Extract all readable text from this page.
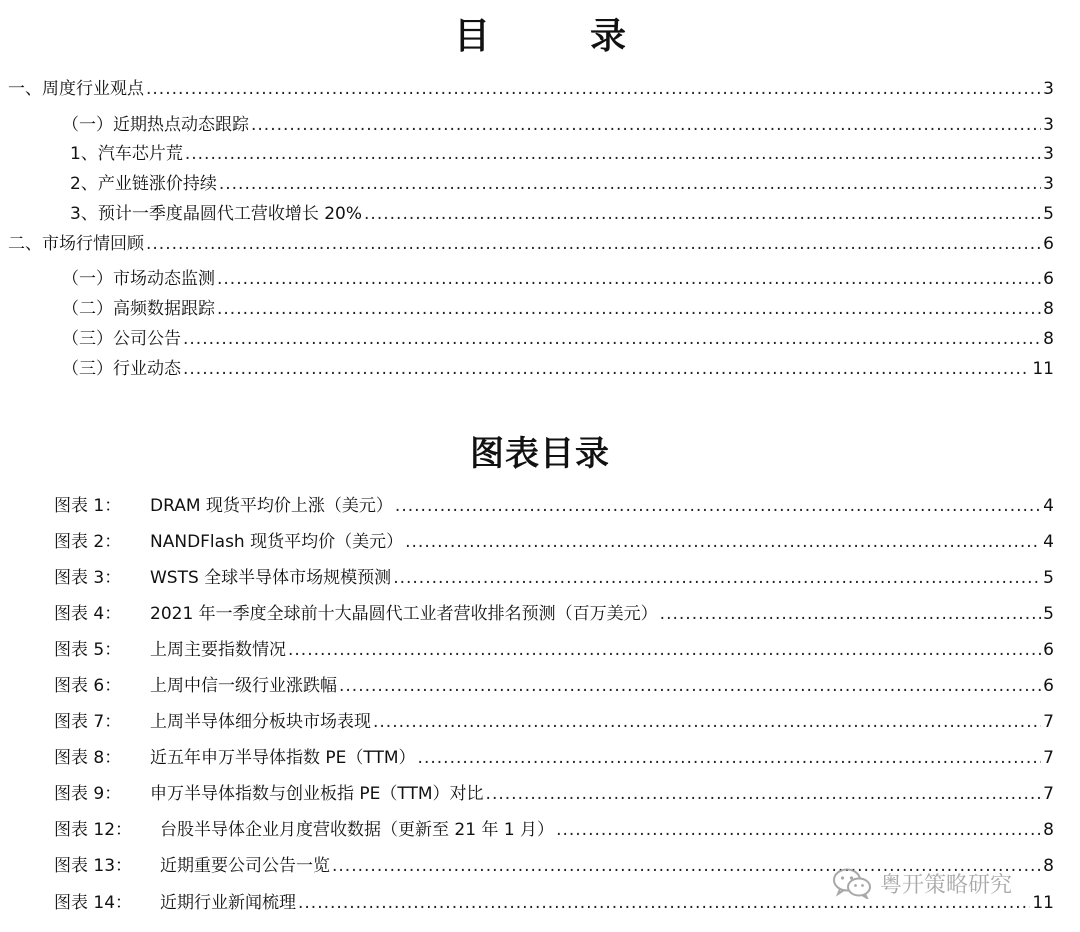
目　录
一、周度行业观点 .....	3
（一）近期热点动态跟踪 .....	3
1、汽车芯片荒 .....	3
2、产业链涨价持续 .....	3
3、预计一季度晶圆代工营收增长 20% .....	5
二、市场行情回顾 .....	6
（一）市场动态监测 .....	6
（二）高频数据跟踪 .....	8
（三）公司公告 .....	8
（三）行业动态 .....	11
图表目录
图表 1：	DRAM 现货平均价上涨（美元） .....	4
图表 2：	NANDFlash 现货平均价（美元） .....	4
图表 3：	WSTS 全球半导体市场规模预测 .....	5
图表 4：	2021 年一季度全球前十大晶圆代工业者营收排名预测（百万美元） .....	5
图表 5：	上周主要指数情况 .....	6
图表 6：	上周中信一级行业涨跌幅 .....	6
图表 7：	上周半导体细分板块市场表现 .....	7
图表 8：	近五年申万半导体指数 PE（TTM） .....	7
图表 9：	申万半导体指数与创业板指 PE（TTM）对比 .....	7
图表 12：	台股半导体企业月度营收数据（更新至 21 年 1 月） .....	8
图表 13：	近期重要公司公告一览 .....	8
图表 14：	近期行业新闻梳理 .....	11
粤开策略研究
